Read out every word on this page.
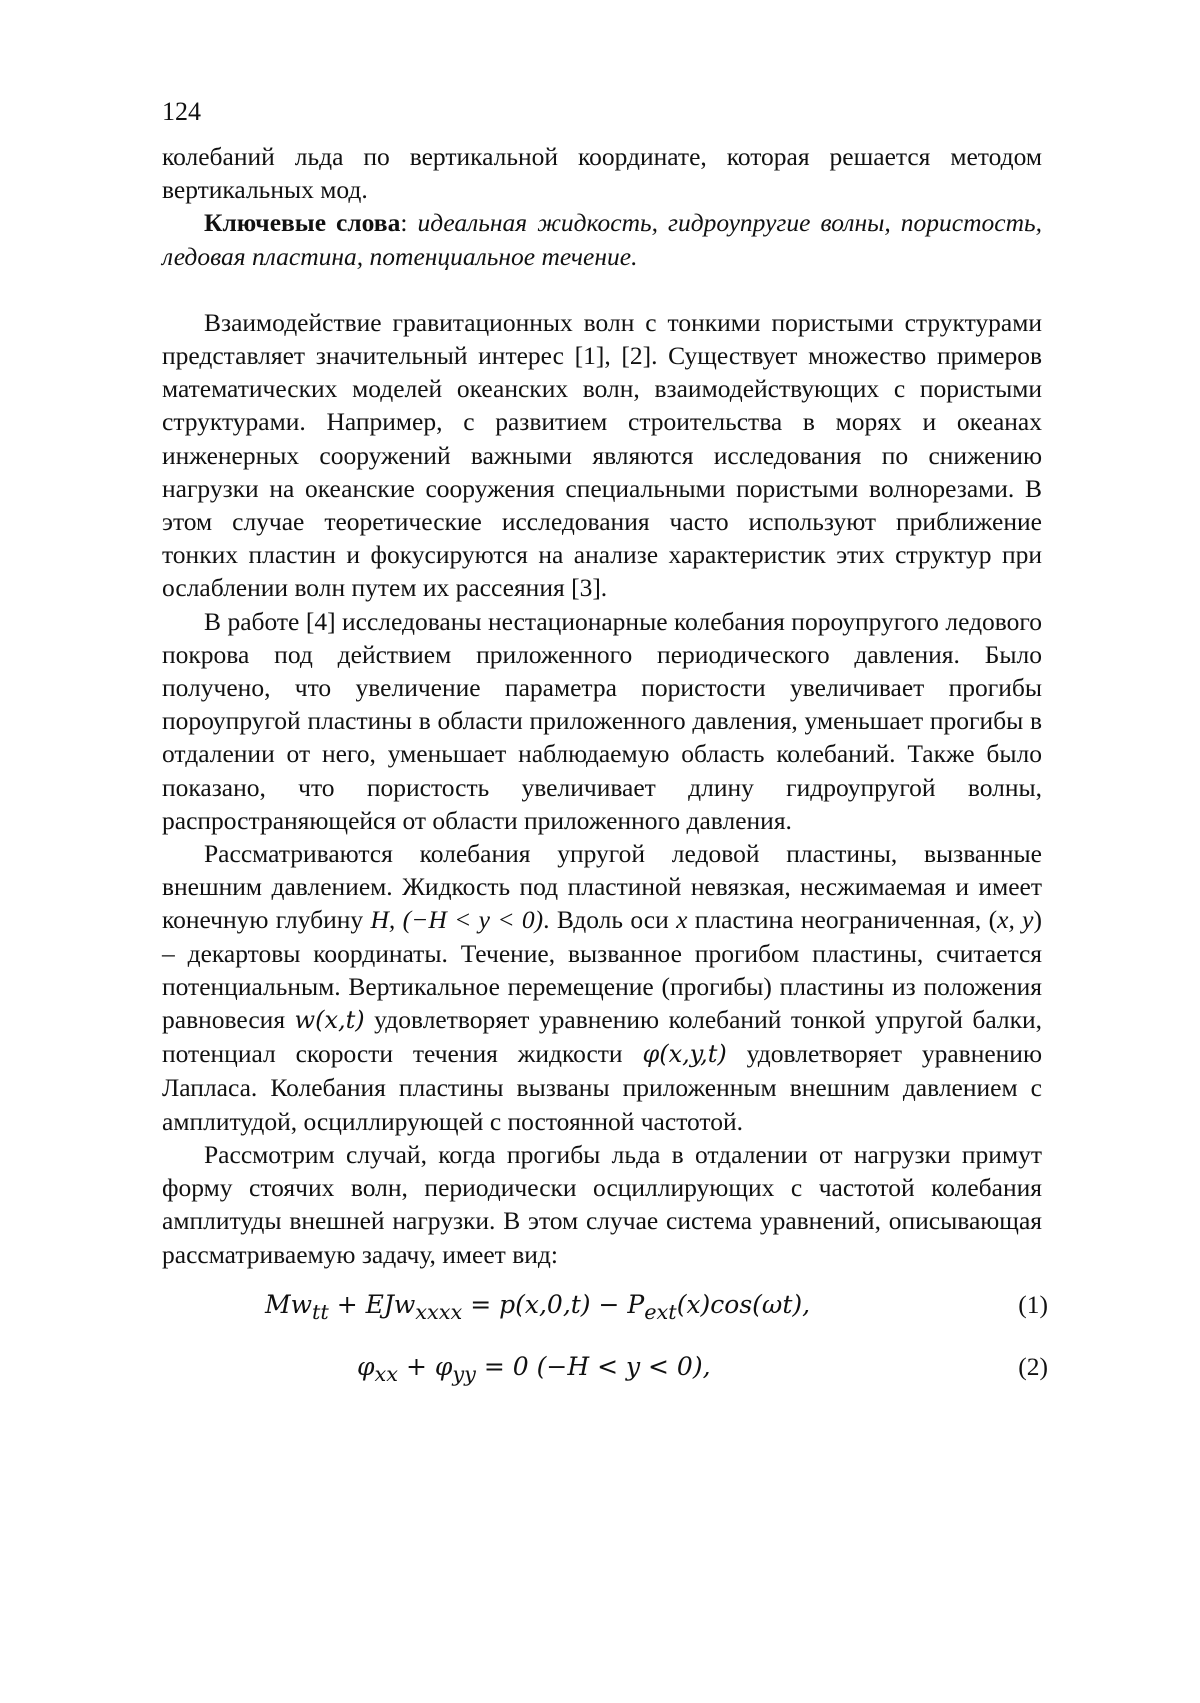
124

колебаний льда по вертикальной координате, которая решается методом вертикальных мод.

Ключевые слова: идеальная жидкость, гидроупругие волны, пористость, ледовая пластина, потенциальное течение.

Взаимодействие гравитационных волн с тонкими пористыми структурами представляет значительный интерес [1], [2]. Существует множество примеров математических моделей океанских волн, взаимодействующих с пористыми структурами. Например, с развитием строительства в морях и океанах инженерных сооружений важными являются исследования по снижению нагрузки на океанские сооружения специальными пористыми волнорезами. В этом случае теоретические исследования часто используют приближение тонких пластин и фокусируются на анализе характеристик этих структур при ослаблении волн путем их рассеяния [3].

В работе [4] исследованы нестационарные колебания пороупругого ледового покрова под действием приложенного периодического давления. Было получено, что увеличение параметра пористости увеличивает прогибы пороупругой пластины в области приложенного давления, уменьшает прогибы в отдалении от него, уменьшает наблюдаемую область колебаний. Также было показано, что пористость увеличивает длину гидроупругой волны, распространяющейся от области приложенного давления.

Рассматриваются колебания упругой ледовой пластины, вызванные внешним давлением. Жидкость под пластиной невязкая, несжимаемая и имеет конечную глубину H, (−H < y < 0). Вдоль оси x пластина неограниченная, (x, y) – декартовы координаты. Течение, вызванное прогибом пластины, считается потенциальным. Вертикальное перемещение (прогибы) пластины из положения равновесия w(x,t) удовлетворяет уравнению колебаний тонкой упругой балки, потенциал скорости течения жидкости φ(x,y,t) удовлетворяет уравнению Лапласа. Колебания пластины вызваны приложенным внешним давлением с амплитудой, осциллирующей с постоянной частотой.

Рассмотрим случай, когда прогибы льда в отдалении от нагрузки примут форму стоячих волн, периодически осциллирующих с частотой колебания амплитуды внешней нагрузки. В этом случае система уравнений, описывающая рассматриваемую задачу, имеет вид:

$Mw_{tt} + EJw_{xxxx} = p(x,0,t) - P_{ext}(x)\cos(\omega t)$,	(1)
$\varphi_{xx} + \varphi_{yy} = 0$ (−H < y < 0),	(2)
